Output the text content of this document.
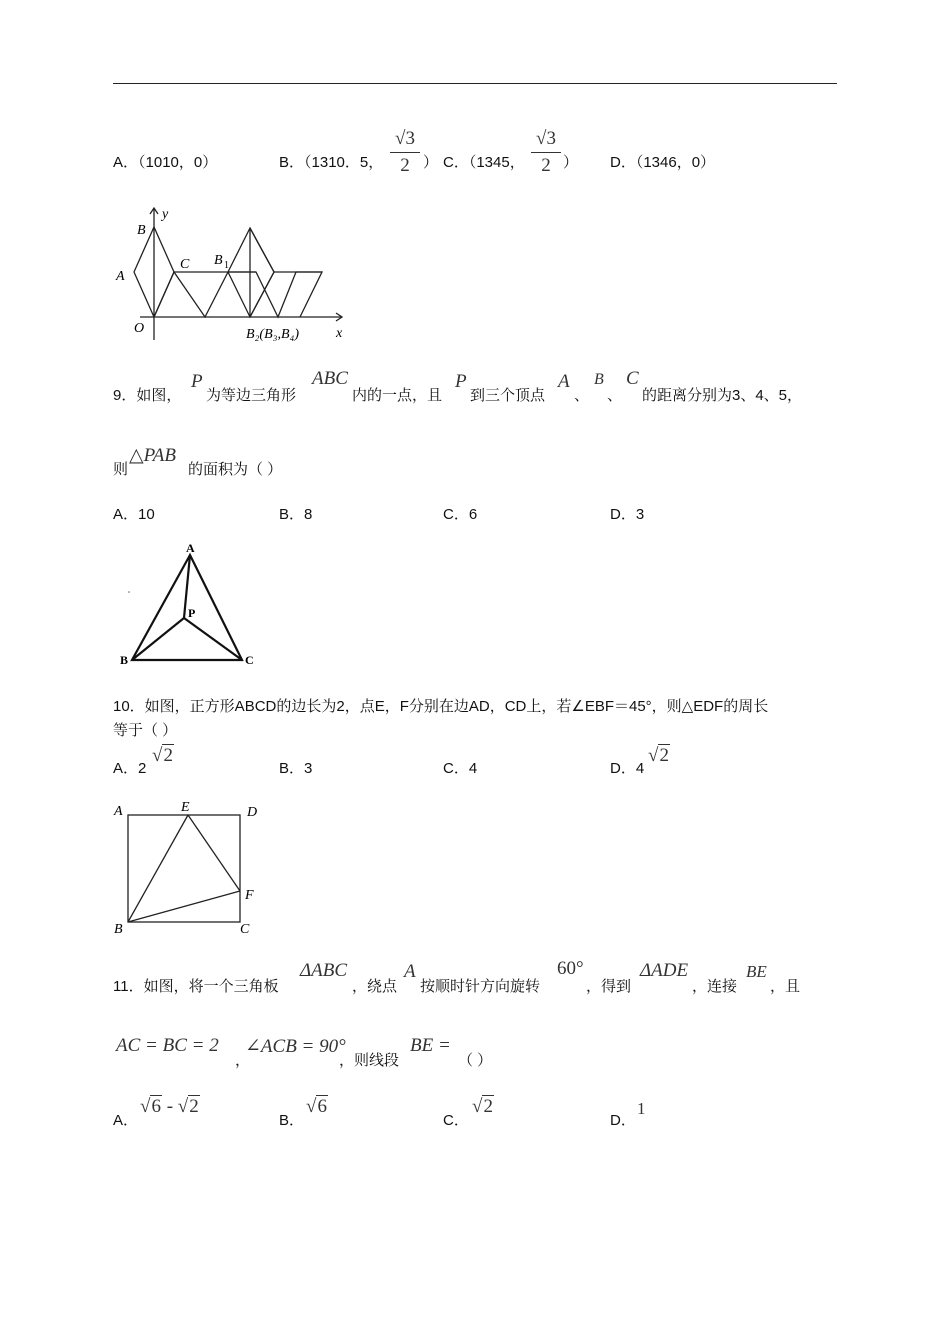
A．（1010，0）	B．（1310．5，
√3
2 ） C．（1345，
√3
2 ） D．（1346，0）
y
x
B
A
C B 1
O	B₂(B₃,B₄)
9．如图，
P
为等边三角形
ABC
内的一点，且
P
到三个顶点
A
、
B
、
C
的距离分别为3、4、5，
则
△PAB
的面积为（ ）
A．10	B．8	C．6	D．3
A
B	C
P
10．如图，正方形ABCD的边长为2，点E，F分别在边AD，CD上，若∠EBF＝45°，则△EDF的周长
等于（ ）
A．2
√2
B．3	C．4	D．4
√2
A	E	D
F
B	C
11．如图，将一个三角板
ΔABC
，绕点
A
按顺时针方向旋转
60°
，得到
ΔADE
，连接
BE
，且
AC = BC = 2
，
∠ACB = 90°
，则线段
BE =
（ ）
A．
√6 - √2
B．
√6
C．
√2
D．
1
